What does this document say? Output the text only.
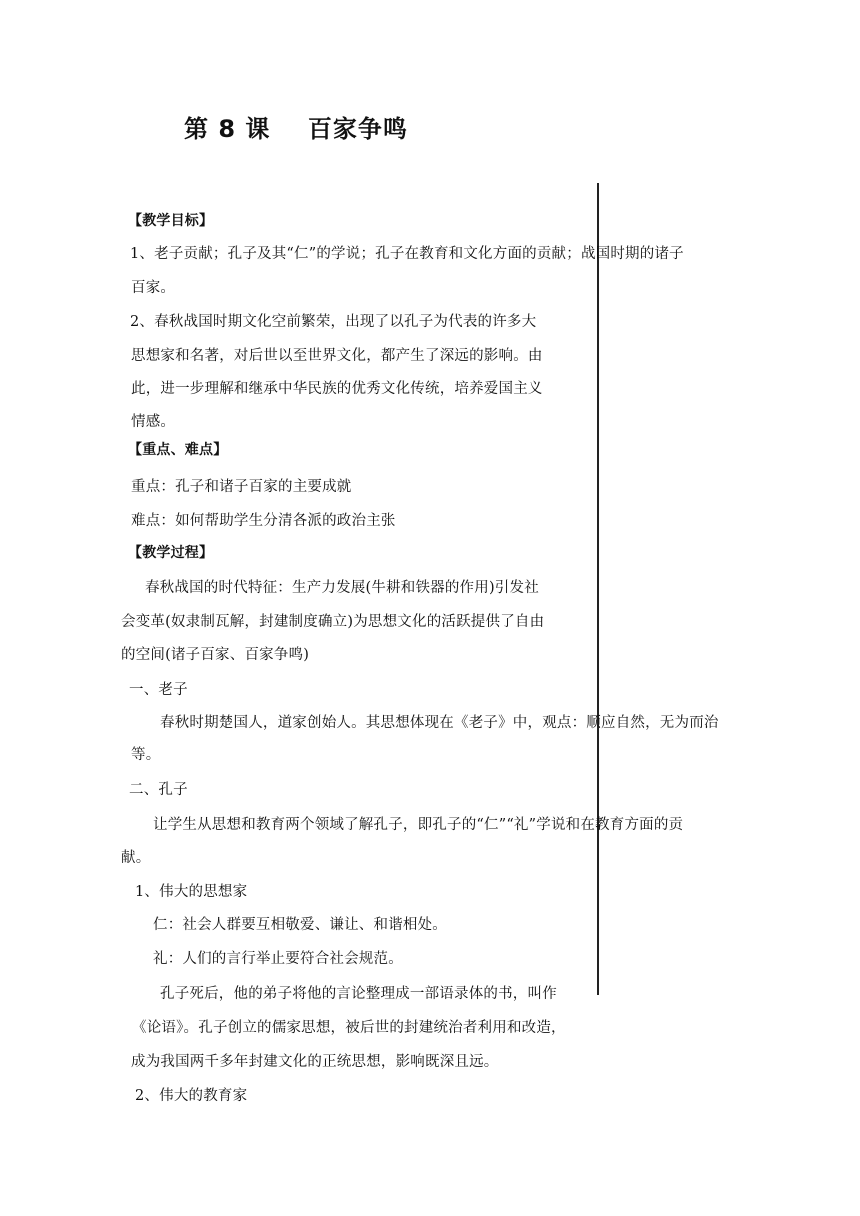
第 8 课    百家争鸣
【教学目标】
1、老子贡献；孔子及其“仁”的学说；孔子在教育和文化方面的贡献；战国时期的诸子
百家。
2、春秋战国时期文化空前繁荣，出现了以孔子为代表的许多大
思想家和名著，对后世以至世界文化，都产生了深远的影响。由
此，进一步理解和继承中华民族的优秀文化传统，培养爱国主义
情感。
【重点、难点】
重点：孔子和诸子百家的主要成就
难点：如何帮助学生分清各派的政治主张
【教学过程】
春秋战国的时代特征：生产力发展(牛耕和铁器的作用)引发社
会变革(奴隶制瓦解，封建制度确立)为思想文化的活跃提供了自由
的空间(诸子百家、百家争鸣)
一、老子
春秋时期楚国人，道家创始人。其思想体现在《老子》中，观点：顺应自然，无为而治
等。
二、孔子
让学生从思想和教育两个领域了解孔子，即孔子的“仁”“礼”学说和在教育方面的贡
献。
1、伟大的思想家
仁：社会人群要互相敬爱、谦让、和谐相处。
礼：人们的言行举止要符合社会规范。
孔子死后，他的弟子将他的言论整理成一部语录体的书，叫作
《论语》。孔子创立的儒家思想，被后世的封建统治者利用和改造，
成为我国两千多年封建文化的正统思想，影响既深且远。
2、伟大的教育家
